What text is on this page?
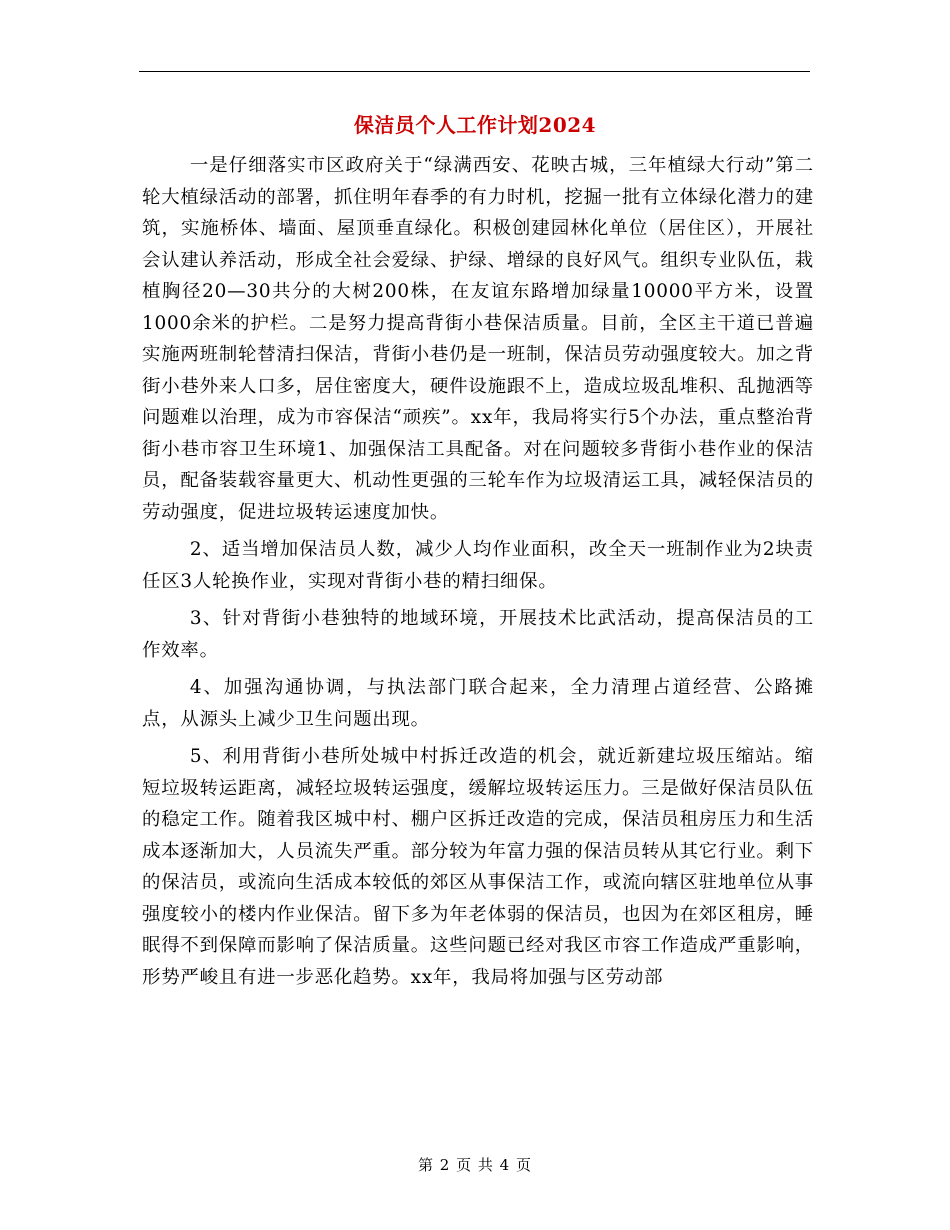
保洁员个人工作计划2024

一是仔细落实市区政府关于“绿满西安、花映古城，三年植绿大行动”第二轮大植绿活动的部署，抓住明年春季的有力时机，挖掘一批有立体绿化潜力的建筑，实施桥体、墙面、屋顶垂直绿化。积极创建园林化单位（居住区），开展社会认建认养活动，形成全社会爱绿、护绿、增绿的良好风气。组织专业队伍，栽植胸径20—30共分的大树200株，在友谊东路增加绿量10000平方米，设置1000余米的护栏。二是努力提高背街小巷保洁质量。目前，全区主干道已普遍实施两班制轮替清扫保洁，背街小巷仍是一班制，保洁员劳动强度较大。加之背街小巷外来人口多，居住密度大，硬件设施跟不上，造成垃圾乱堆积、乱抛洒等问题难以治理，成为市容保洁“顽疾”。xx年，我局将实行5个办法，重点整治背街小巷市容卫生环境1、加强保洁工具配备。对在问题较多背街小巷作业的保洁员，配备装载容量更大、机动性更强的三轮车作为垃圾清运工具，减轻保洁员的劳动强度，促进垃圾转运速度加快。

2、适当增加保洁员人数，减少人均作业面积，改全天一班制作业为2块责任区3人轮换作业，实现对背街小巷的精扫细保。

3、针对背街小巷独特的地域环境，开展技术比武活动，提高保洁员的工作效率。

4、加强沟通协调，与执法部门联合起来，全力清理占道经营、公路摊点，从源头上减少卫生问题出现。

5、利用背街小巷所处城中村拆迁改造的机会，就近新建垃圾压缩站。缩短垃圾转运距离，减轻垃圾转运强度，缓解垃圾转运压力。三是做好保洁员队伍的稳定工作。随着我区城中村、棚户区拆迁改造的完成，保洁员租房压力和生活成本逐渐加大，人员流失严重。部分较为年富力强的保洁员转从其它行业。剩下的保洁员，或流向生活成本较低的郊区从事保洁工作，或流向辖区驻地单位从事强度较小的楼内作业保洁。留下多为年老体弱的保洁员，也因为在郊区租房，睡眠得不到保障而影响了保洁质量。这些问题已经对我区市容工作造成严重影响，形势严峻且有进一步恶化趋势。xx年，我局将加强与区劳动部

第 2 页 共 4 页
